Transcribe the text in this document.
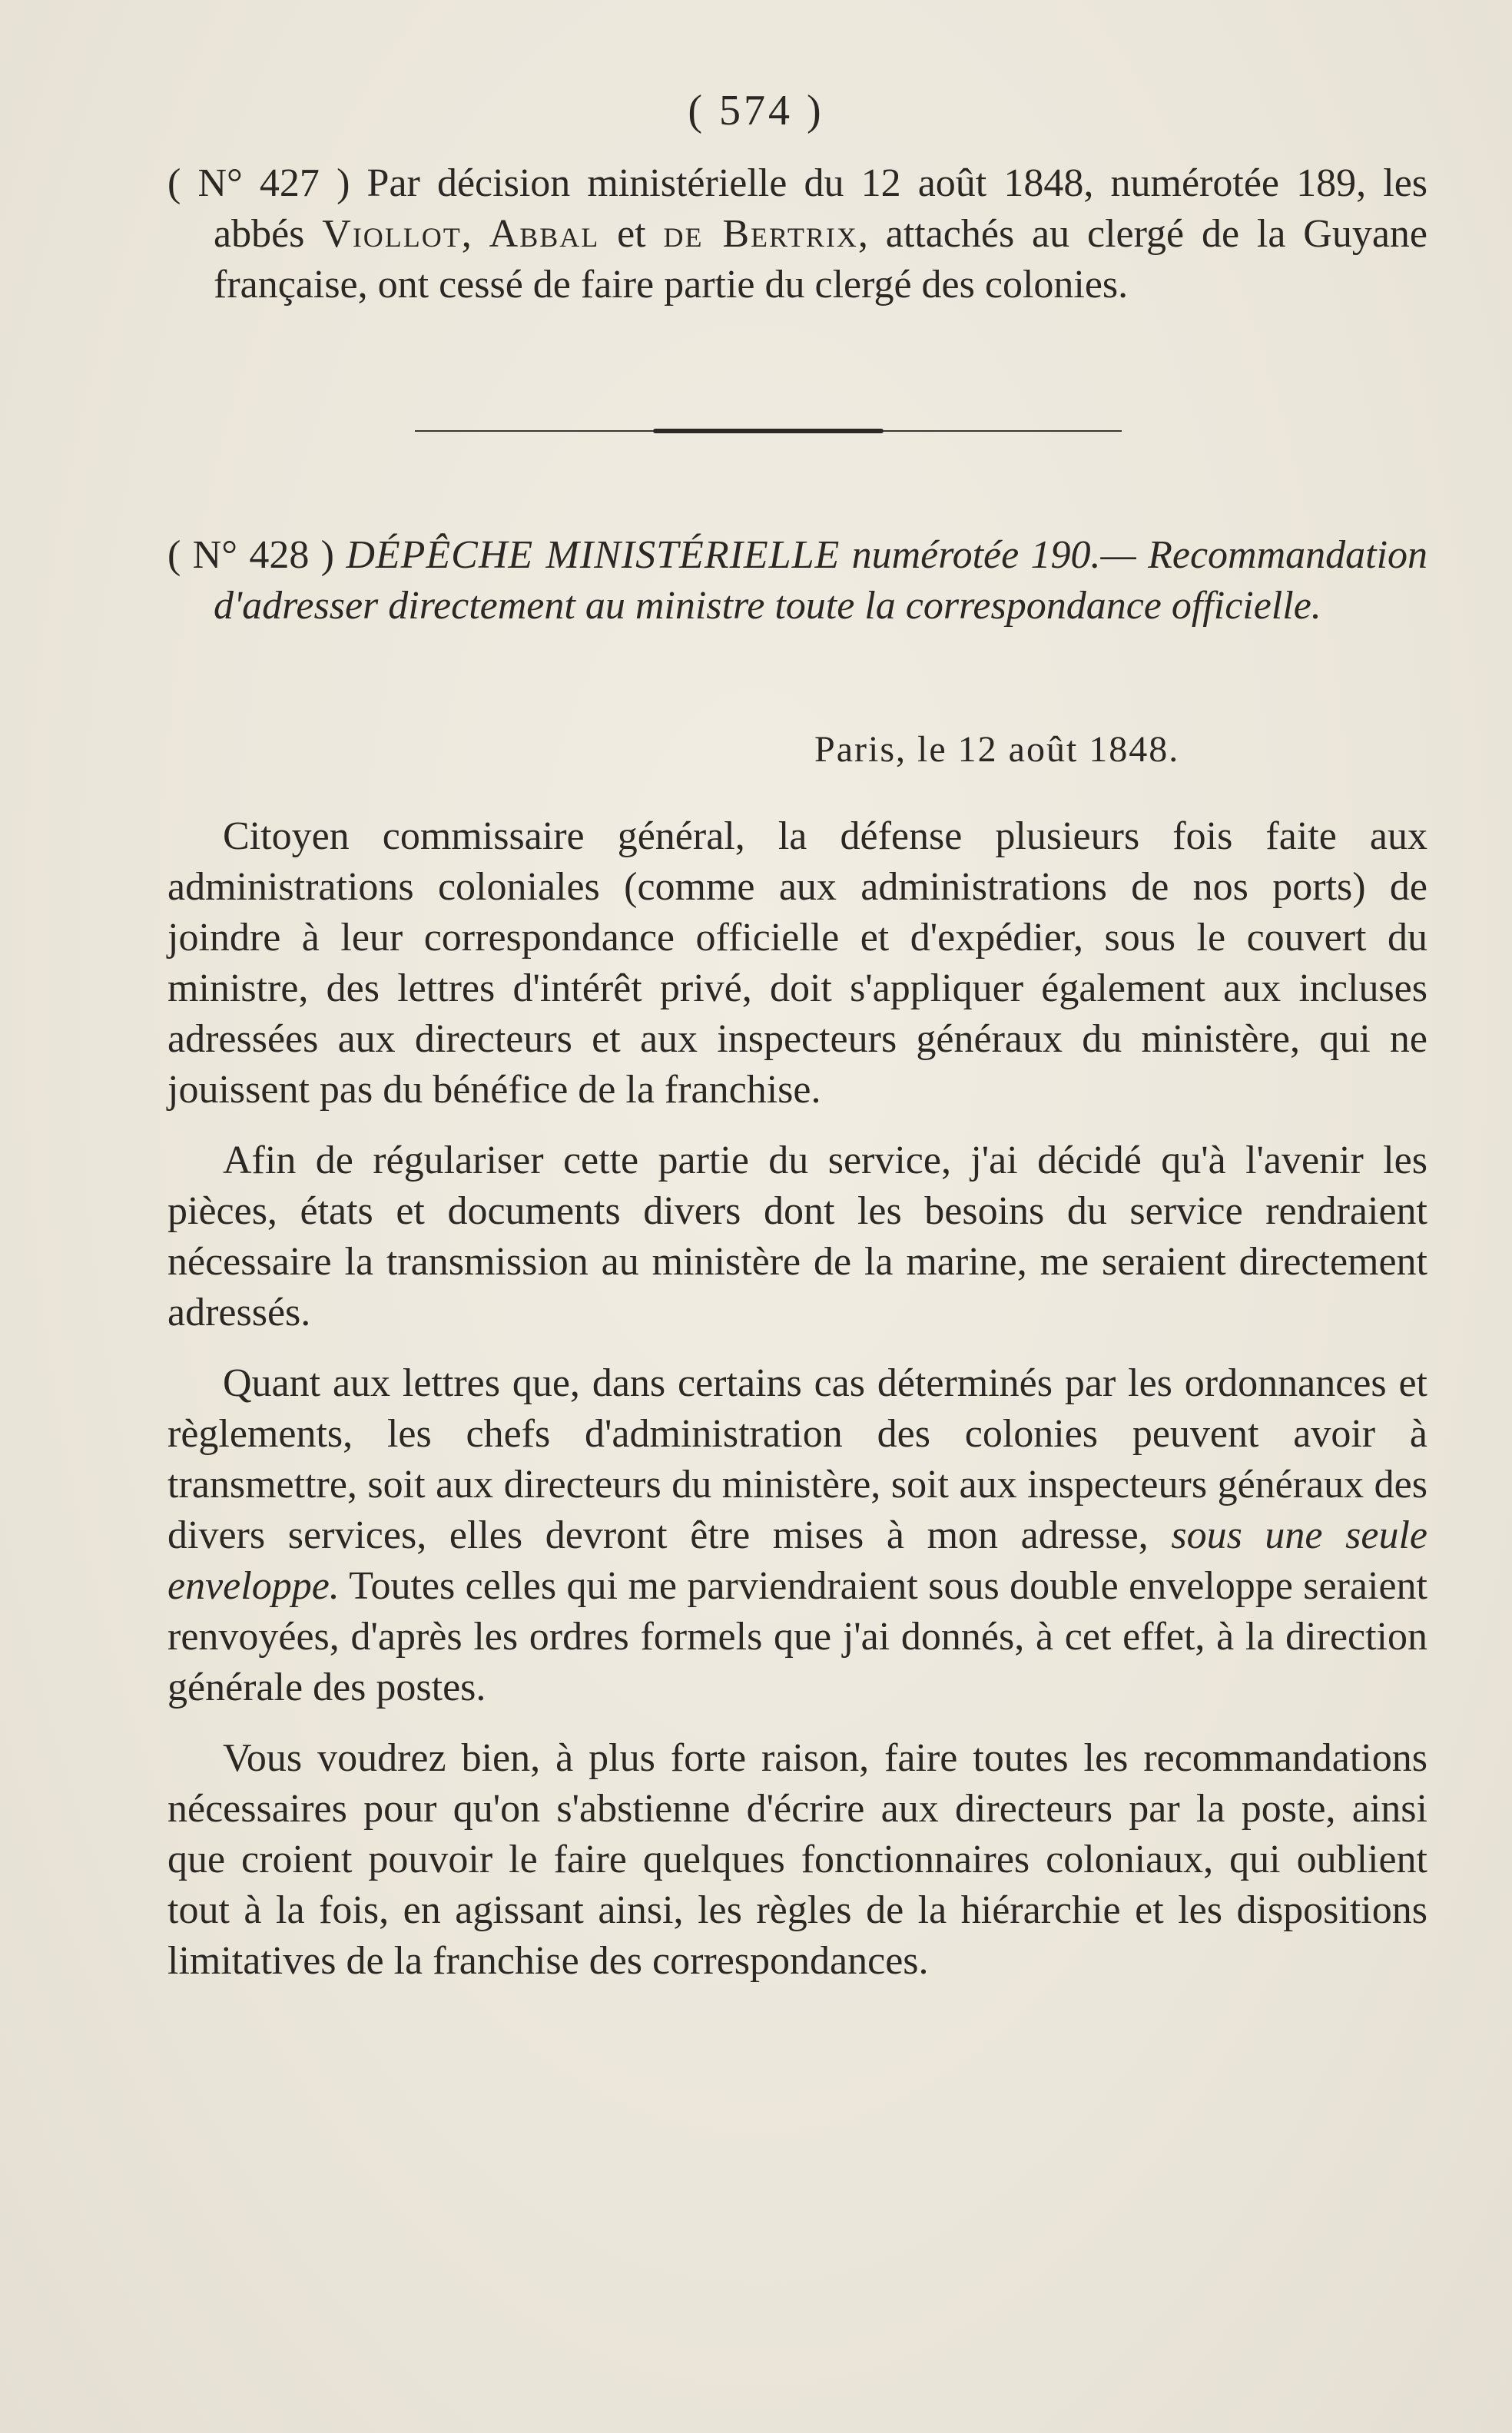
( 574 )

( N° 427 ) Par décision ministérielle du 12 août 1848, numérotée 189, les abbés Viollot, Abbal et de Bertrix, attachés au clergé de la Guyane française, ont cessé de faire partie du clergé des colonies.

( N° 428 ) DÉPÊCHE MINISTÉRIELLE numérotée 190.— Recommandation d'adresser directement au ministre toute la correspondance officielle.

Paris, le 12 août 1848.

Citoyen commissaire général, la défense plusieurs fois faite aux administrations coloniales (comme aux administrations de nos ports) de joindre à leur correspondance officielle et d'expédier, sous le couvert du ministre, des lettres d'intérêt privé, doit s'appliquer également aux incluses adressées aux directeurs et aux inspecteurs généraux du ministère, qui ne jouissent pas du bénéfice de la franchise.

Afin de régulariser cette partie du service, j'ai décidé qu'à l'avenir les pièces, états et documents divers dont les besoins du service rendraient nécessaire la transmission au ministère de la marine, me seraient directement adressés.

Quant aux lettres que, dans certains cas déterminés par les ordonnances et règlements, les chefs d'administration des colonies peuvent avoir à transmettre, soit aux directeurs du ministère, soit aux inspecteurs généraux des divers services, elles devront être mises à mon adresse, sous une seule enveloppe. Toutes celles qui me parviendraient sous double enveloppe seraient renvoyées, d'après les ordres formels que j'ai donnés, à cet effet, à la direction générale des postes.

Vous voudrez bien, à plus forte raison, faire toutes les recommandations nécessaires pour qu'on s'abstienne d'écrire aux directeurs par la poste, ainsi que croient pouvoir le faire quelques fonctionnaires coloniaux, qui oublient tout à la fois, en agissant ainsi, les règles de la hiérarchie et les dispositions limitatives de la franchise des correspondances.
